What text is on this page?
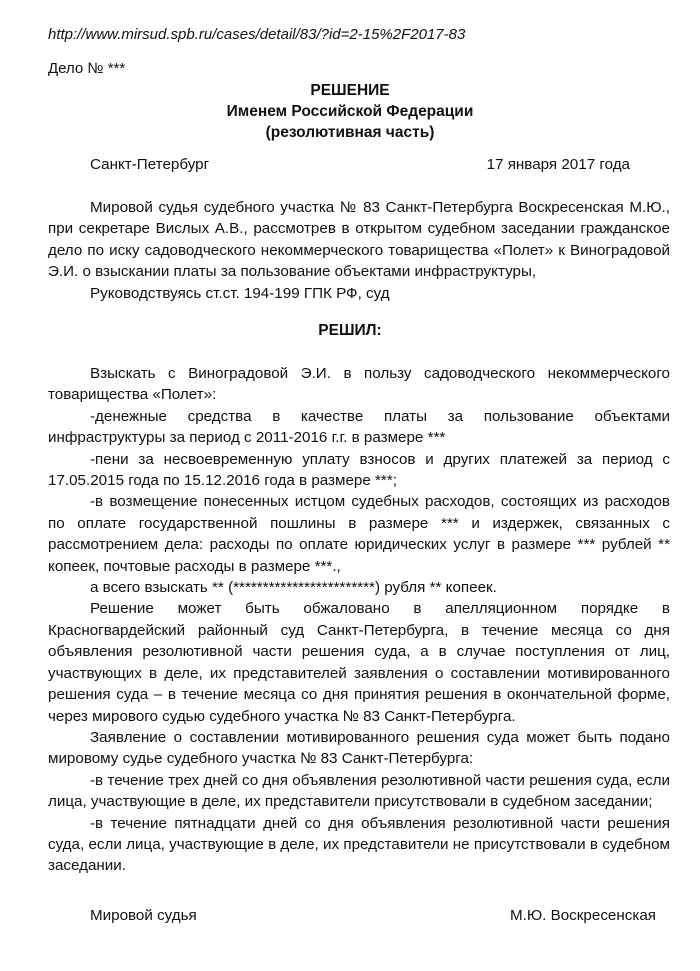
http://www.mirsud.spb.ru/cases/detail/83/?id=2-15%2F2017-83
Дело № ***
РЕШЕНИЕ
Именем Российской Федерации
(резолютивная часть)
Санкт-Петербург	17 января 2017 года

Мировой судья судебного участка № 83 Санкт-Петербурга Воскресенская М.Ю., при секретаре Вислых А.В., рассмотрев в открытом судебном заседании гражданское дело по иску садоводческого некоммерческого товарищества «Полет» к Виноградовой Э.И. о взыскании платы за пользование объектами инфраструктуры,

Руководствуясь ст.ст. 194-199 ГПК РФ, суд

РЕШИЛ:

Взыскать с Виноградовой Э.И. в пользу садоводческого некоммерческого товарищества «Полет»:

-денежные средства в качестве платы за пользование объектами инфраструктуры за период с 2011-2016 г.г. в размере ***

-пени за несвоевременную уплату взносов и других платежей за период с 17.05.2015 года по 15.12.2016 года в размере ***;

-в возмещение понесенных истцом судебных расходов, состоящих из расходов по оплате государственной пошлины в размере *** и издержек, связанных с рассмотрением дела: расходы по оплате юридических услуг в размере *** рублей ** копеек, почтовые расходы в размере ***.,

а всего взыскать ** (************************) рубля ** копеек.

Решение может быть обжаловано в апелляционном порядке в Красногвардейский районный суд Санкт-Петербурга, в течение месяца со дня объявления резолютивной части решения суда, а в случае поступления от лиц, участвующих в деле, их представителей заявления о составлении мотивированного решения суда – в течение месяца со дня принятия решения в окончательной форме, через мирового судью судебного участка № 83 Санкт-Петербурга.

Заявление о составлении мотивированного решения суда может быть подано мировому судье судебного участка № 83 Санкт-Петербурга:

-в течение трех дней со дня объявления резолютивной части решения суда, если лица, участвующие в деле, их представители присутствовали в судебном заседании;

-в течение пятнадцати дней со дня объявления резолютивной части решения суда, если лица, участвующие в деле, их представители не присутствовали в судебном заседании.

Мировой судья	М.Ю. Воскресенская
